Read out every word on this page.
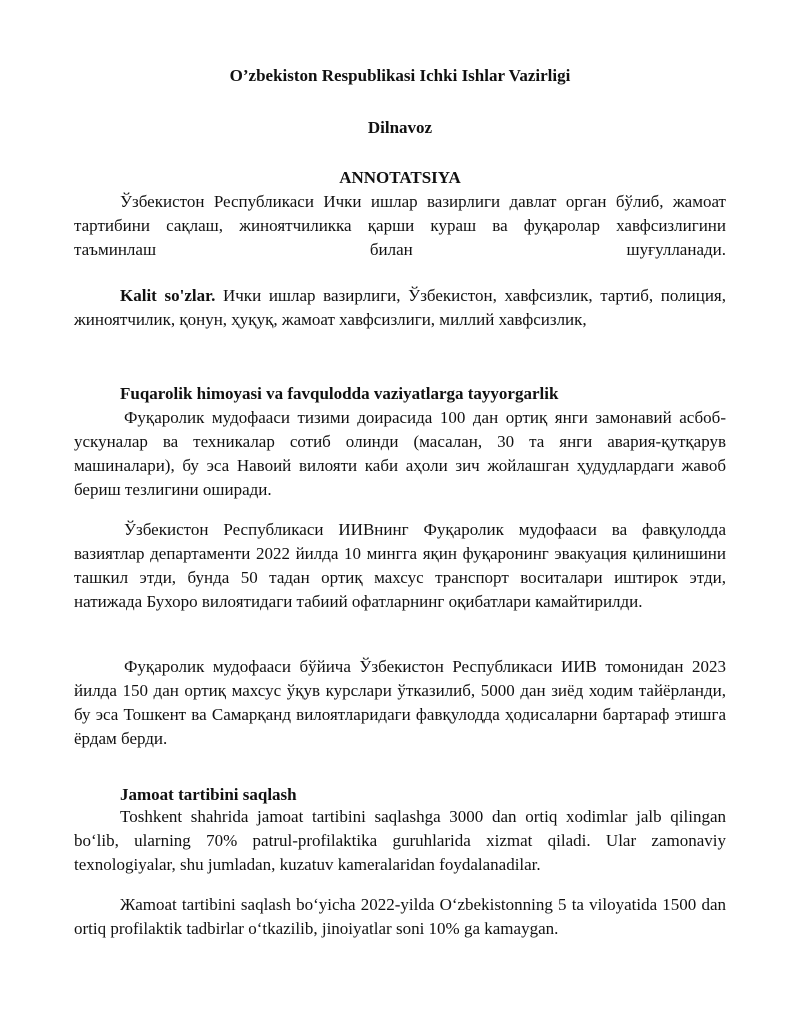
O’zbekiston Respublikasi Ichki Ishlar Vazirligi
Dilnavoz
ANNOTATSIYA
Ўзбекистон Республикаси Ички ишлар вазирлиги давлат орган бўлиб, жамоат тартибини сақлаш, жиноятчиликка қарши кураш ва фуқаролар хавфсизлигини таъминлаш билан шуғулланади.
Kalit so'zlar. Ички ишлар вазирлиги, Ўзбекистон, хавфсизлик, тартиб, полиция, жиноятчилик, қонун, ҳуқуқ, жамоат хавфсизлиги, миллий хавфсизлик,
Fuqarolik himoyasi va favqulodda vaziyatlarga tayyorgarlik
Фуқаролик мудофааси тизими доирасида 100 дан ортиқ янги замонавий асбоб-ускуналар ва техникалар сотиб олинди (масалан, 30 та янги авария-қутқарув машиналари), бу эса Навоий вилояти каби аҳоли зич жойлашган ҳудудлардаги жавоб бериш тезлигини оширади.
Ўзбекистон Республикаси ИИВнинг Фуқаролик мудофааси ва фавқулодда вазиятлар департаменти 2022 йилда 10 мингга яқин фуқаронинг эвакуация қилинишини ташкил этди, бунда 50 тадан ортиқ махсус транспорт воситалари иштирок этди, натижада Бухоро вилоятидаги табиий офатларнинг оқибатлари камайтирилди.
Фуқаролик мудофааси бўйича Ўзбекистон Республикаси ИИВ томонидан 2023 йилда 150 дан ортиқ махсус ўқув курслари ўтказилиб, 5000 дан зиёд ходим тайёрланди, бу эса Тошкент ва Самарқанд вилоятларидаги фавқулодда ҳодисаларни бартараф этишга ёрдам берди.
Jamoat tartibini saqlash
Toshkent shahrida jamoat tartibini saqlashga 3000 dan ortiq xodimlar jalb qilingan bo‘lib, ularning 70% patrul-profilaktika guruhlarida xizmat qiladi. Ular zamonaviy texnologiyalar, shu jumladan, kuzatuv kameralaridan foydalanadilar.
Жamoat tartibini saqlash bo‘yicha 2022-yilda O‘zbekistonning 5 ta viloyatida 1500 dan ortiq profilaktik tadbirlar o‘tkazilib, jinoiyatlar soni 10% ga kamaygan.
